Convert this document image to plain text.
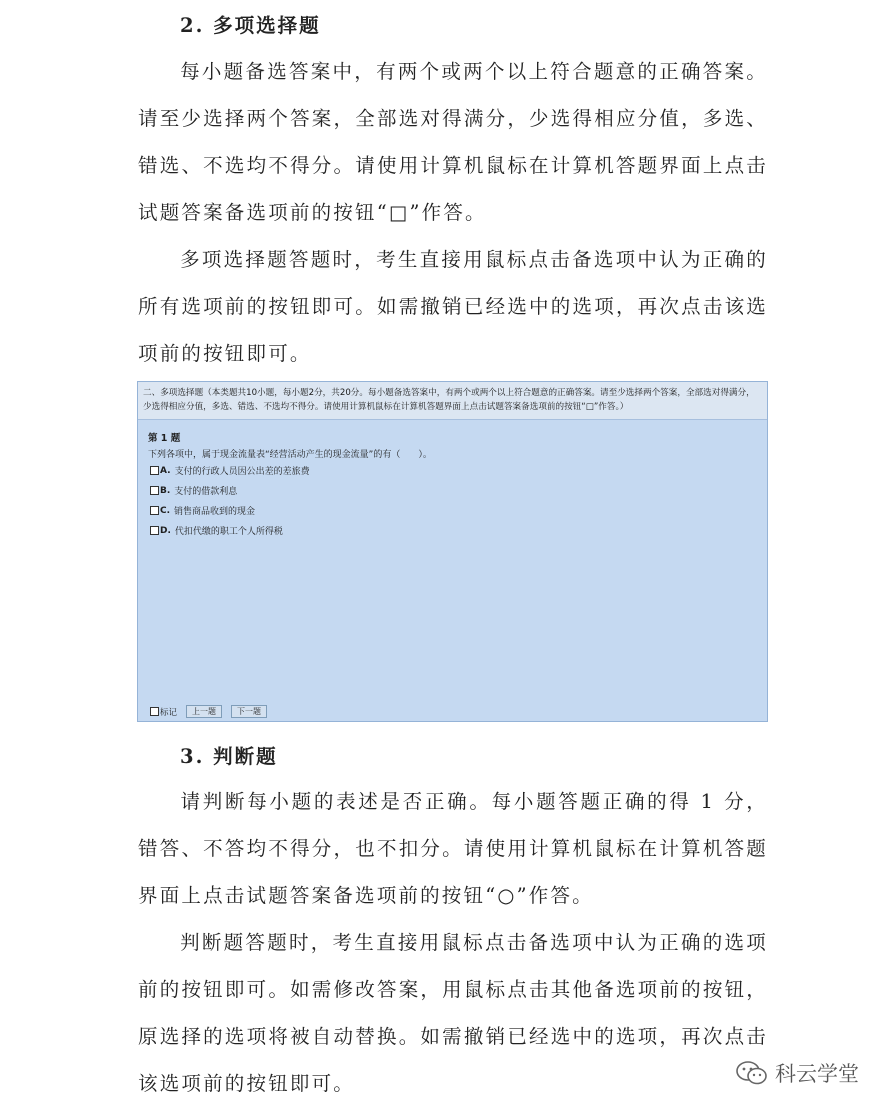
2. 多项选择题

每小题备选答案中，有两个或两个以上符合题意的正确答案。请至少选择两个答案，全部选对得满分，少选得相应分值，多选、错选、不选均不得分。请使用计算机鼠标在计算机答题界面上点击试题答案备选项前的按钮“□”作答。

多项选择题答题时，考生直接用鼠标点击备选项中认为正确的所有选项前的按钮即可。如需撤销已经选中的选项，再次点击该选项前的按钮即可。

二、多项选择题（本类题共10小题，每小题2分，共20分。每小题备选答案中，有两个或两个以上符合题意的正确答案。请至少选择两个答案，全部选对得满分，少选得相应分值，多选、错选、不选均不得分。请使用计算机鼠标在计算机答题界面上点击试题答案备选项前的按钮“□”作答。）
第 1 题
下列各项中，属于现金流量表“经营活动产生的现金流量”的有（　　）。
A. 支付的行政人员因公出差的差旅费
B. 支付的借款利息
C. 销售商品收到的现金
D. 代扣代缴的职工个人所得税
标记	上一题	下一题
3. 判断题

请判断每小题的表述是否正确。每小题答题正确的得 1 分，错答、不答均不得分，也不扣分。请使用计算机鼠标在计算机答题界面上点击试题答案备选项前的按钮“○”作答。

判断题答题时，考生直接用鼠标点击备选项中认为正确的选项前的按钮即可。如需修改答案，用鼠标点击其他备选项前的按钮，原选择的选项将被自动替换。如需撤销已经选中的选项，再次点击该选项前的按钮即可。	科云学堂
